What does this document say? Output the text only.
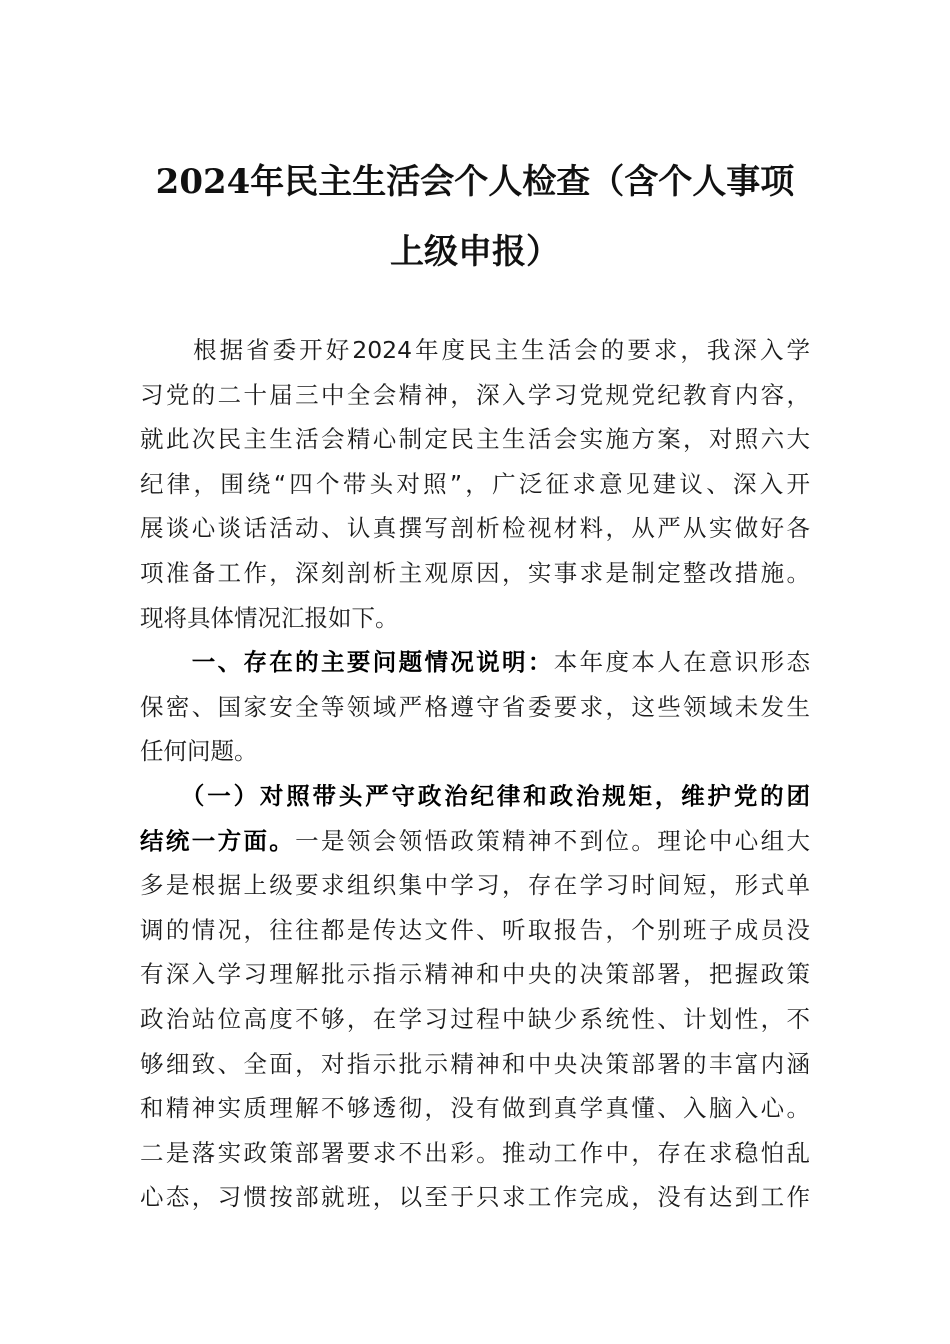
2024年民主生活会个人检查（含个人事项
上级申报）
　　根据省委开好2024年度民主生活会的要求，我深入学
习党的二十届三中全会精神，深入学习党规党纪教育内容，
就此次民主生活会精心制定民主生活会实施方案，对照六大
纪律，围绕“四个带头对照”，广泛征求意见建议、深入开
展谈心谈话活动、认真撰写剖析检视材料，从严从实做好各
项准备工作，深刻剖析主观原因，实事求是制定整改措施。
现将具体情况汇报如下。
　　一、存在的主要问题情况说明：本年度本人在意识形态
保密、国家安全等领域严格遵守省委要求，这些领域未发生
任何问题。
　　（一）对照带头严守政治纪律和政治规矩，维护党的团
结统一方面。一是领会领悟政策精神不到位。理论中心组大
多是根据上级要求组织集中学习，存在学习时间短，形式单
调的情况，往往都是传达文件、听取报告，个别班子成员没
有深入学习理解批示指示精神和中央的决策部署，把握政策
政治站位高度不够，在学习过程中缺少系统性、计划性，不
够细致、全面，对指示批示精神和中央决策部署的丰富内涵
和精神实质理解不够透彻，没有做到真学真懂、入脑入心。
二是落实政策部署要求不出彩。推动工作中，存在求稳怕乱
心态，习惯按部就班，以至于只求工作完成，没有达到工作
